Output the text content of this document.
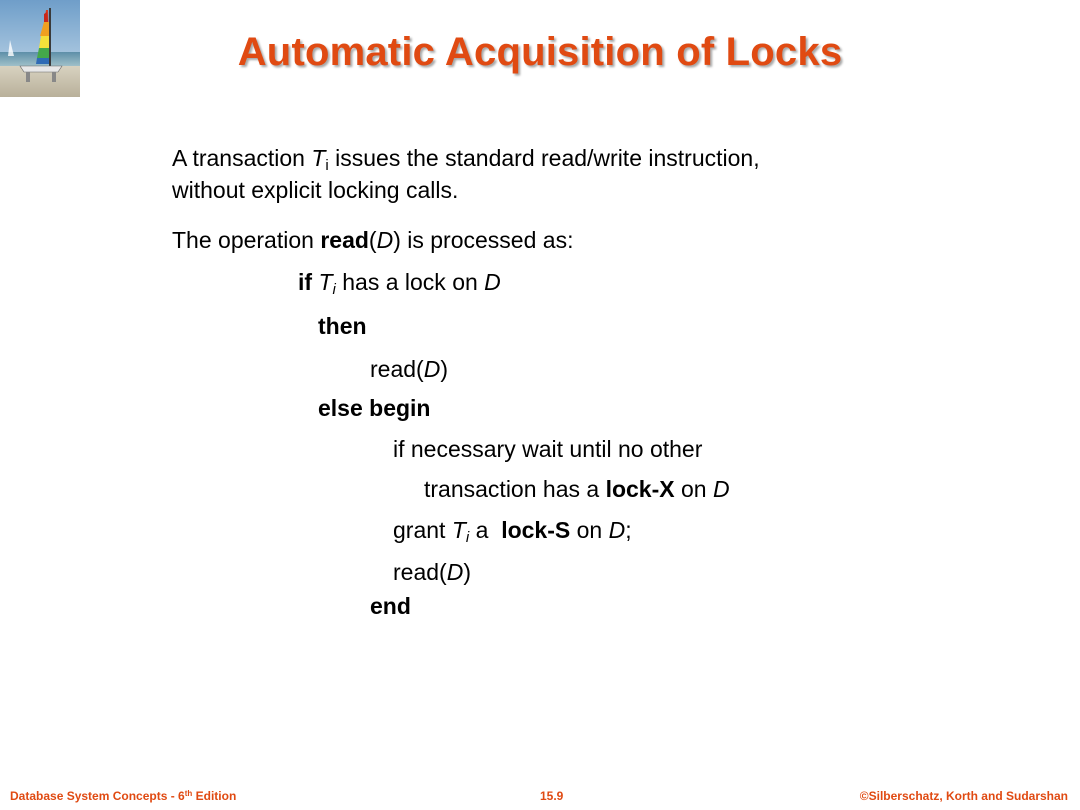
Automatic Acquisition of Locks
A transaction $T_i$ issues the standard read/write instruction,
without explicit locking calls.
The operation read(D) is processed as:
if $T_i$ has a lock on D
then
read(D)
else begin
if necessary wait until no other
transaction has a lock-X on D
grant $T_i$ a  lock-S on D;
read(D)
end
Database System Concepts - 6th Edition	15.9	©Silberschatz, Korth and Sudarshan
